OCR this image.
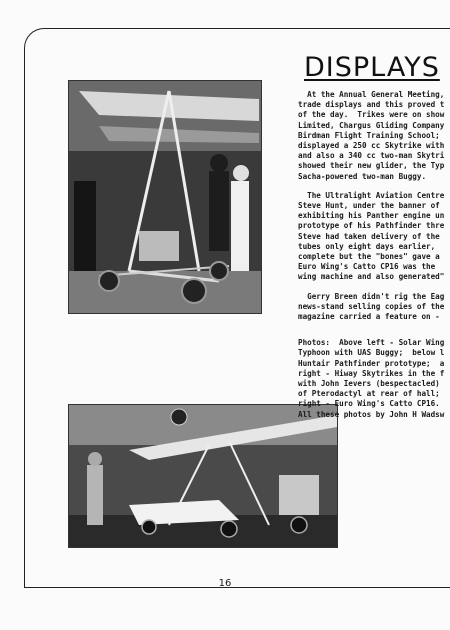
DISPLAYS

At the Annual General Meeting,
trade displays and this proved t
of the day.  Trikes were on show
Limited, Chargus Gliding Company
Birdman Flight Training School;
displayed a 250 cc Skytrike with
and also a 340 cc two-man Skytri
showed their new glider, the Typ
Sacha-powered two-man Buggy.

The Ultralight Aviation Centre
Steve Hunt, under the banner of
exhibiting his Panther engine un
prototype of his Pathfinder thre
Steve had taken delivery of the
tubes only eight days earlier,
complete but the "bones" gave a
Euro Wing's Catto CP16 was the
wing machine and also generated"

Gerry Breen didn't rig the Eag
news-stand selling copies of the
magazine carried a feature on -

Photos:  Above left - Solar Wing
Typhoon with UAS Buggy;  below l
Huntair Pathfinder prototype;  a
right - Hiway Skytrikes in the f
with John Ievers (bespectacled)
of Pterodactyl at rear of hall;
right - Euro Wing's Catto CP16.
All these photos by John H Wadsw

16
